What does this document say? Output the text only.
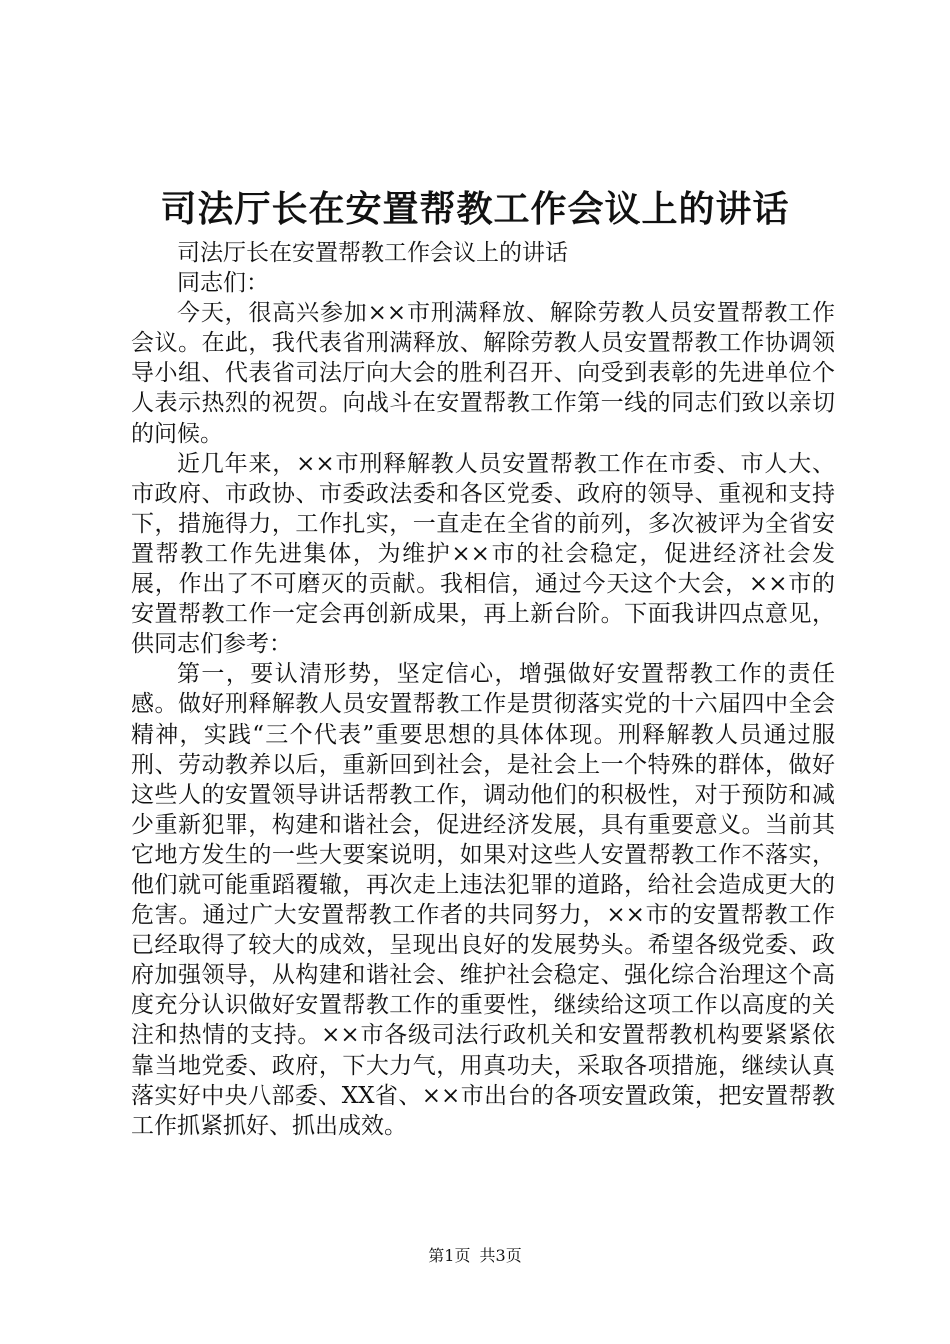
司法厅长在安置帮教工作会议上的讲话

司法厅长在安置帮教工作会议上的讲话

同志们：

今天，很高兴参加××市刑满释放、解除劳教人员安置帮教工作会议。在此，我代表省刑满释放、解除劳教人员安置帮教工作协调领导小组、代表省司法厅向大会的胜利召开、向受到表彰的先进单位个人表示热烈的祝贺。向战斗在安置帮教工作第一线的同志们致以亲切的问候。

近几年来，××市刑释解教人员安置帮教工作在市委、市人大、市政府、市政协、市委政法委和各区党委、政府的领导、重视和支持下，措施得力，工作扎实，一直走在全省的前列，多次被评为全省安置帮教工作先进集体，为维护××市的社会稳定，促进经济社会发展，作出了不可磨灭的贡献。我相信，通过今天这个大会，××市的安置帮教工作一定会再创新成果，再上新台阶。下面我讲四点意见，供同志们参考：

第一，要认清形势，坚定信心，增强做好安置帮教工作的责任感。做好刑释解教人员安置帮教工作是贯彻落实党的十六届四中全会精神，实践“三个代表”重要思想的具体体现。刑释解教人员通过服刑、劳动教养以后，重新回到社会，是社会上一个特殊的群体，做好这些人的安置领导讲话帮教工作，调动他们的积极性，对于预防和减少重新犯罪，构建和谐社会，促进经济发展，具有重要意义。当前其它地方发生的一些大要案说明，如果对这些人安置帮教工作不落实，他们就可能重蹈覆辙，再次走上违法犯罪的道路，给社会造成更大的危害。通过广大安置帮教工作者的共同努力，××市的安置帮教工作已经取得了较大的成效，呈现出良好的发展势头。希望各级党委、政府加强领导，从构建和谐社会、维护社会稳定、强化综合治理这个高度充分认识做好安置帮教工作的重要性，继续给这项工作以高度的关注和热情的支持。××市各级司法行政机关和安置帮教机构要紧紧依靠当地党委、政府，下大力气，用真功夫，采取各项措施，继续认真落实好中央八部委、XX省、××市出台的各项安置政策，把安置帮教工作抓紧抓好、抓出成效。

第1页 共3页
